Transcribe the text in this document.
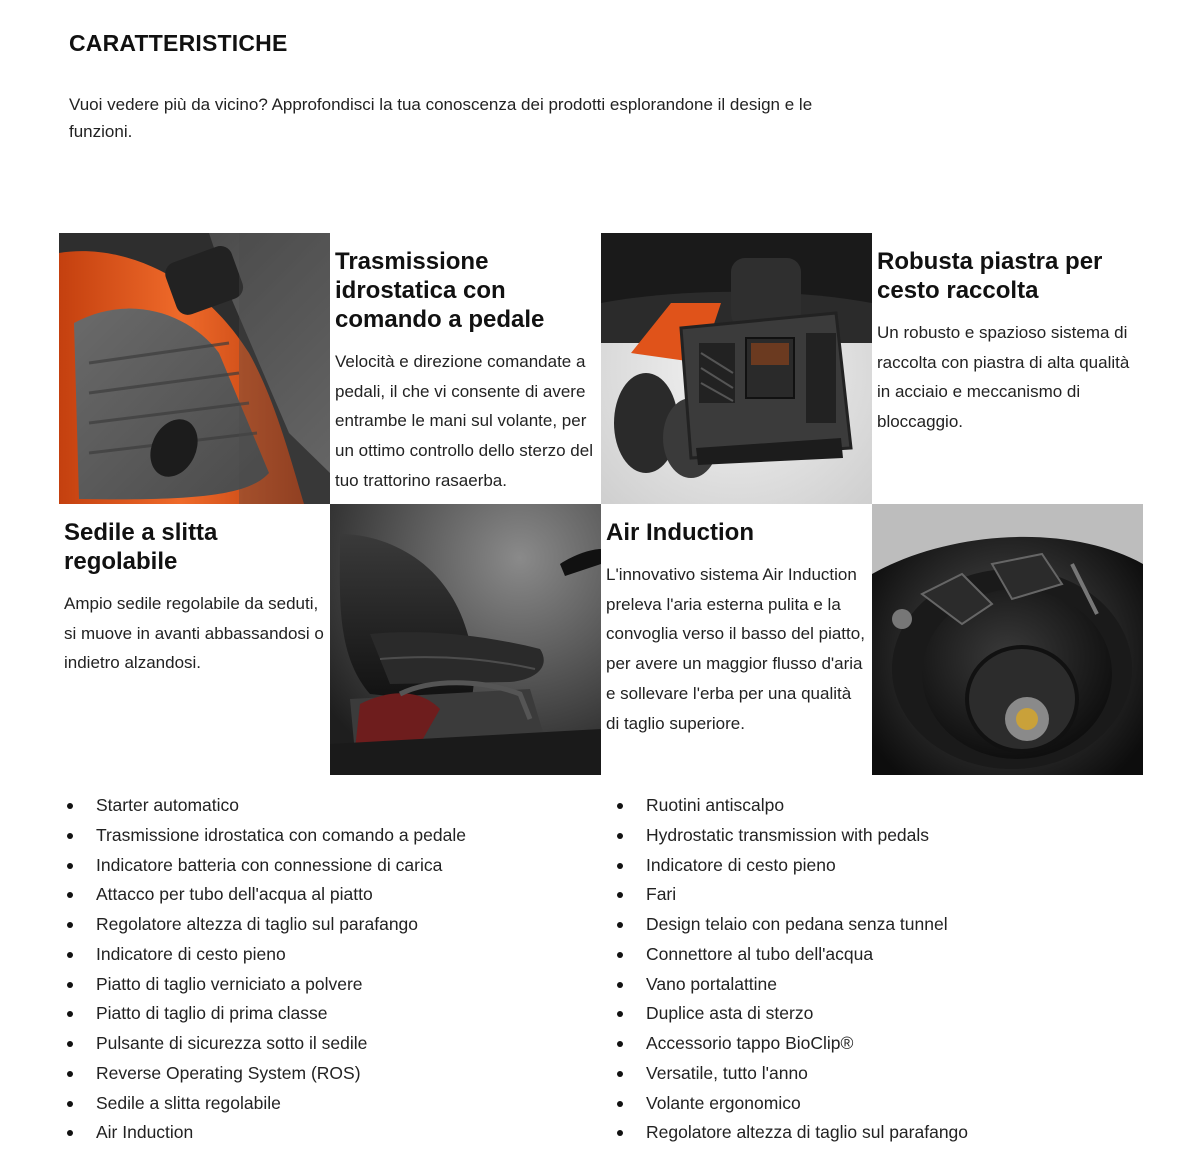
CARATTERISTICHE

Vuoi vedere più da vicino? Approfondisci la tua conoscenza dei prodotti esplorandone il design e le funzioni.

Trasmissione idrostatica con comando a pedale

Velocità e direzione comandate a pedali, il che vi consente di avere entrambe le mani sul volante, per un ottimo controllo dello sterzo del tuo trattorino rasaerba.

Robusta piastra per cesto raccolta

Un robusto e spazioso sistema di raccolta con piastra di alta qualità in acciaio e meccanismo di bloccaggio.

Sedile a slitta regolabile

Ampio sedile regolabile da seduti, si muove in avanti abbassandosi o indietro alzandosi.

Air Induction

L'innovativo sistema Air Induction preleva l'aria esterna pulita e la convoglia verso il basso del piatto, per avere un maggior flusso d'aria e sollevare l'erba per una qualità di taglio superiore.

Starter automatico
Trasmissione idrostatica con comando a pedale
Indicatore batteria con connessione di carica
Attacco per tubo dell'acqua al piatto
Regolatore altezza di taglio sul parafango
Indicatore di cesto pieno
Piatto di taglio verniciato a polvere
Piatto di taglio di prima classe
Pulsante di sicurezza sotto il sedile
Reverse Operating System (ROS)
Sedile a slitta regolabile
Air Induction
Ruotini antiscalpo
Hydrostatic transmission with pedals
Indicatore di cesto pieno
Fari
Design telaio con pedana senza tunnel
Connettore al tubo dell'acqua
Vano portalattine
Duplice asta di sterzo
Accessorio tappo BioClip®
Versatile, tutto l'anno
Volante ergonomico
Regolatore altezza di taglio sul parafango
